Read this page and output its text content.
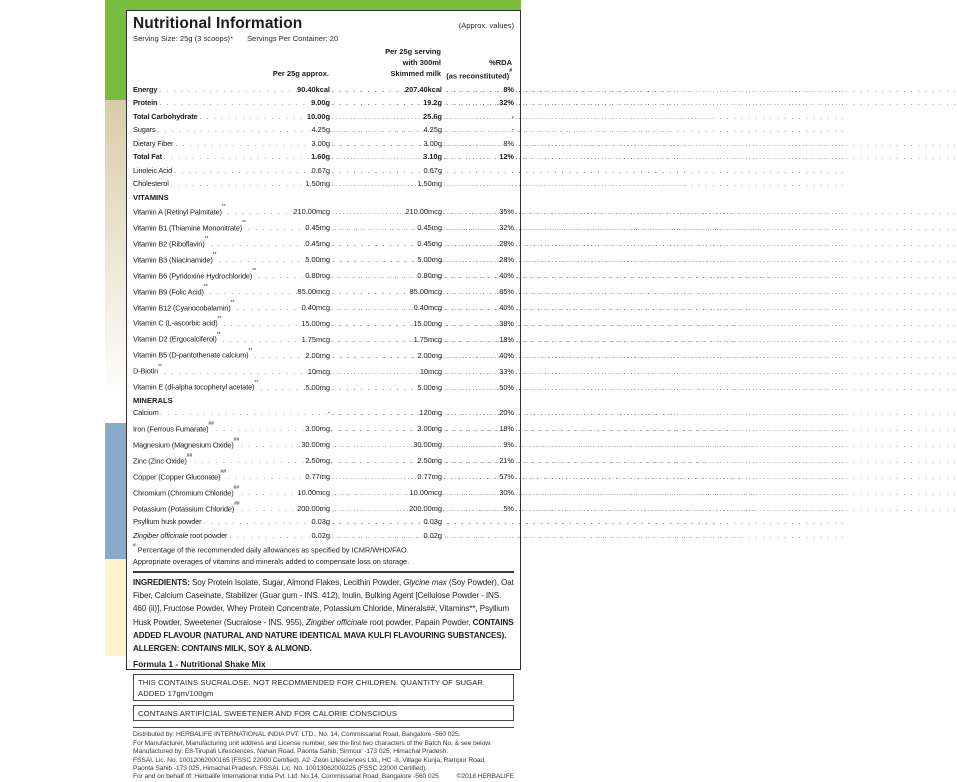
Nutritional Information	(Approx. values)
Serving Size: 25g (3 scoops)* Servings Per Container: 20
Per 25g serving
with 300ml	%RDA
Per 25g approx.	Skimmed milk (as reconstituted)#
Energy . . .	90.40kcal . . .	207.40kcal . . .	8%
Protein . . .	9.00g . . .	19.2g . . .	32%
Total Carbohydrate . . .	10.00g . . .	25.6g	-
Sugars . . .	4.25g . . .	4.25g	-
Dietary Fiber . . .	3.00g . . .	3.00g . . .	8%
Total Fat . . .	1.60g . . .	3.10g . . .	12%
Linoleic Acid . . .	0.67g . . .	0.67g
Cholesterol . . .	1.50mg . . .	1.50mg
VITAMINS
Vitamin A (Retinyl Palmitate)** . . .	210.00mcg . . .	210.00mcg . . .	35%
Vitamin B1 (Thiamine Mononitrate)** . . .	0.45mg . . .	0.45mg . . .	32%
Vitamin B2 (Riboflavin)** . . .	0.45mg . . .	0.45mg . . .	28%
Vitamin B3 (Niacinamide)** . . .	5.00mg . . .	5.00mg . . .	28%
Vitamin B6 (Pyridoxine Hydrochloride)** . . .	0.80mg . . .	0.80mg . . .	40%
Vitamin B9 (Folic Acid)** . . .	85.00mcg . . .	85.00mcg . . .	85%
Vitamin B12 (Cyanocobalamin)** . . .	0.40mcg . . .	0.40mcg . . .	40%
Vitamin C (L-ascorbic acid)** . . .	15.00mg . . .	15.00mg . . .	38%
Vitamin D2 (Ergocalciferol)** . . .	1.75mcg . . .	1.75mcg . . .	18%
Vitamin B5 (D-pantothenate calcium)** . . .	2.00mg . . .	2.00mg . . .	40%
D-Biotin** . . .	10mcg . . .	10mcg . . .	33%
Vitamin E (dl-alpha tocopheryl acetate)** . . .	5.00mg . . .	5.00mg . . .	50%
MINERALS
Calcium . . .	- . . .	120mg . . .	20%
Iron (Ferrous Fumarate)## . . .	3.00mg . . .	3.00mg . . .	18%
Magnesium (Magnesium Oxide)## . . .	30.00mg . . .	30.00mg . . .	9%
Zinc (Zinc Oxide)## . . .	2.50mg . . .	2.50mg . . .	21%
Copper (Copper Gluconate)## . . .	0.77mg . . .	0.77mg . . .	57%
Chromium (Chromium Chloride)## . . .	10.00mcg . . .	10.00mcg . . .	30%
Potassium (Potassium Chloride)## . . .	200.00mg . . .	200.00mg . . .	5%
Psyllium husk powder . . .	0.03g . . .	0.03g
Zingiber officinale root powder . . .	0.02g . . .	0.02g
# Percentage of the recommended daily allowances as specified by ICMR/WHO/FAO.
Appropriate overages of vitamins and minerals added to compensate loss on storage.
INGREDIENTS: Soy Protein Isolate, Sugar, Almond Flakes, Lecithin Powder, Glycine max (Soy Powder), Oat Fiber, Calcium Caseinate, Stabilizer (Guar gum - INS. 412), Inulin, Bulking Agent [Cellulose Powder - INS. 460 (ii)], Fructose Powder, Whey Protein Concentrate, Potassium Chloride, Minerals##, Vitamins**, Psyllium Husk Powder, Sweetener (Sucralose - INS. 955), Zingiber officinale root powder, Papain Powder. CONTAINS ADDED FLAVOUR (NATURAL AND NATURE IDENTICAL MAVA KULFI FLAVOURING SUBSTANCES). ALLERGEN: CONTAINS MILK, SOY & ALMOND.
Formula 1 - Nutritional Shake Mix
THIS CONTAINS SUCRALOSE. NOT RECOMMENDED FOR CHILDREN. QUANTITY OF SUGAR ADDED 17gm/100gm
CONTAINS ARTIFICIAL SWEETENER AND FOR CALORIE CONSCIOUS
Distributed by: HERBALIFE INTERNATIONAL INDIA PVT. LTD., No. 14, Commissariat Road, Bangalore -560 025.
For Manufacturer, Manufacturing unit address and License number, see the first two characters of the Batch No. & see below:
Manufactured by: E8-Tirupati Lifesciences, Nahan Road, Paonta Sahib, Sirmour -173 025, Himachal Pradesh.
FSSAI. Lic. No. 10012062000165 (FSSC 22000 Certified). A2 -Zeon Lifesciences Ltd., HC -II, Village Kunja, Rampur Road,
Paonta Sahib -173 025, Himachal Pradesh, FSSAI. Lic. No. 10013062000225 (FSSC 22000 Certified).
For and on behalf of: Herbalife International India Pvt. Ltd. No.14, Commissariat Road, Bangalore -560 025	©2018 HERBALIFE
